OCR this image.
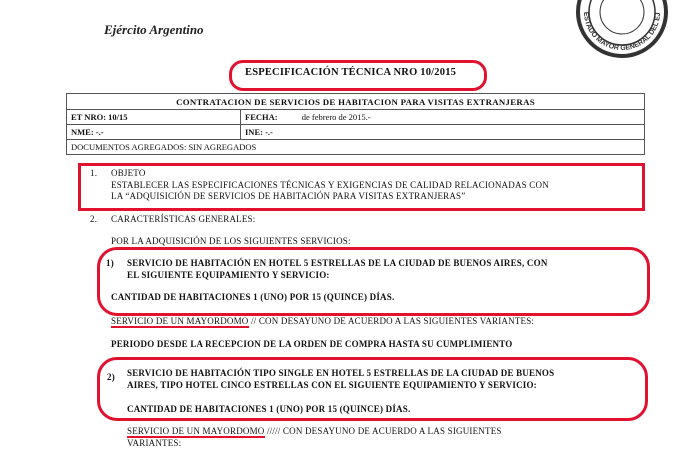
Ejército Argentino
ESTADO MAYOR GENERAL DEL EJ
ESPECIFICACIÓN TÉCNICA NRO 10/2015
CONTRATACION DE SERVICIOS DE HABITACION PARA VISITAS EXTRANJERAS	
ET NRO: 10/15	FECHA: de febrero de 2015.-
NME: -.-	INE: -.-
DOCUMENTOS AGREGADOS: SIN AGREGADOS	
1. OBJETO
ESTABLECER LAS ESPECIFICACIONES TÉCNICAS Y EXIGENCIAS DE CALIDAD RELACIONADAS CON
LA “ADQUISICIÓN DE SERVICIOS DE HABITACIÓN PARA VISITAS EXTRANJERAS”
2. CARACTERÍSTICAS GENERALES:
POR LA ADQUISICIÓN DE LOS SIGUIENTES SERVICIOS:
1) SERVICIO DE HABITACIÓN EN HOTEL 5 ESTRELLAS DE LA CIUDAD DE BUENOS AIRES, CON
EL SIGUIENTE EQUIPAMIENTO Y SERVICIO:
CANTIDAD DE HABITACIONES 1 (UNO) POR 15 (QUINCE) DÍAS.
SERVICIO DE UN MAYORDOMO // CON DESAYUNO DE ACUERDO A LAS SIGUIENTES VARIANTES:
PERIODO DESDE LA RECEPCION DE LA ORDEN DE COMPRA HASTA SU CUMPLIMIENTO
2) SERVICIO DE HABITACIÓN TIPO SINGLE EN HOTEL 5 ESTRELLAS DE LA CIUDAD DE BUENOS
AIRES, TIPO HOTEL CINCO ESTRELLAS CON EL SIGUIENTE EQUIPAMIENTO Y SERVICIO:
CANTIDAD DE HABITACIONES 1 (UNO) POR 15 (QUINCE) DÍAS.
SERVICIO DE UN MAYORDOMO ///// CON DESAYUNO DE ACUERDO A LAS SIGUIENTES
VARIANTES:
